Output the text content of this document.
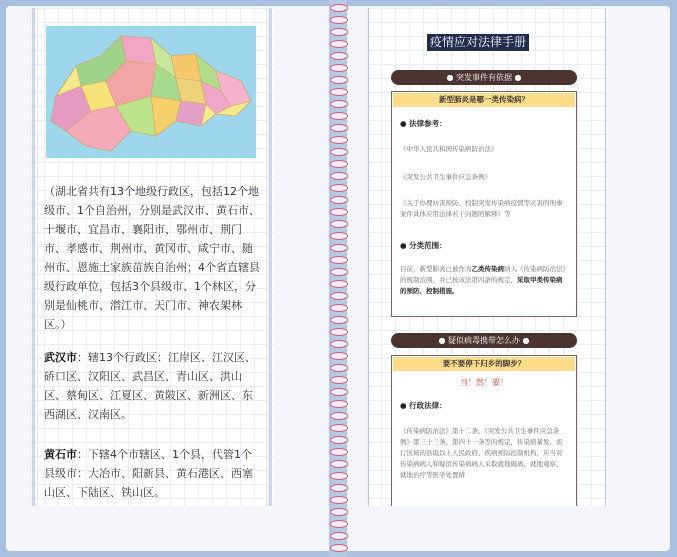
（湖北省共有13个地级行政区，包括12个地级市、1个自治州，分别是武汉市、黄石市、十堰市、宜昌市、襄阳市、鄂州市、荆门市、孝感市、荆州市、黄冈市、咸宁市、随州市、恩施土家族苗族自治州；4个省直辖县级行政单位，包括3个县级市、1个林区，分别是仙桃市、潜江市、天门市、神农架林区。）

武汉市：辖13个行政区：江岸区、江汉区、硚口区、汉阳区、武昌区、青山区、洪山区、蔡甸区、江夏区、黄陂区、新洲区、东西湖区、汉南区。

黄石市：下辖4个市辖区、1个县，代管1个县级市：大冶市、阳新县、黄石港区、西塞山区、下陆区、铁山区。

疫情应对法律手册
● 突发事件有依据 ●
新型肺炎是哪一类传染病？
● 法律参考：
《中华人民共和国传染病防治法》
《突发公共卫生事件应急条例》
《关于办理妨害预防、控制突发传染病疫情等灾害的刑事案件具体应用法律若干问题的解释》等
● 分类范围：
目前，新型肺炎已被作为乙类传染病纳入《传染病防治法》的规制范围，并已按该法第四条的规定，采取甲类传染病的预防、控制措施。
● 疑似病毒携带怎么办 ●
要不要停下归乡的脚步？
当！然！要！
● 行政法律：
《传染病防治法》第十二条、《突发公共卫生事件应急条例》第三十三条、第四十一条等的规定，传染病暴发、流行区域的县级以上人民政府、疾病预防控制机构，应当对传染病病人和疑似传染病病人采取就地隔离、就地观察、就地治疗等医学处置措
